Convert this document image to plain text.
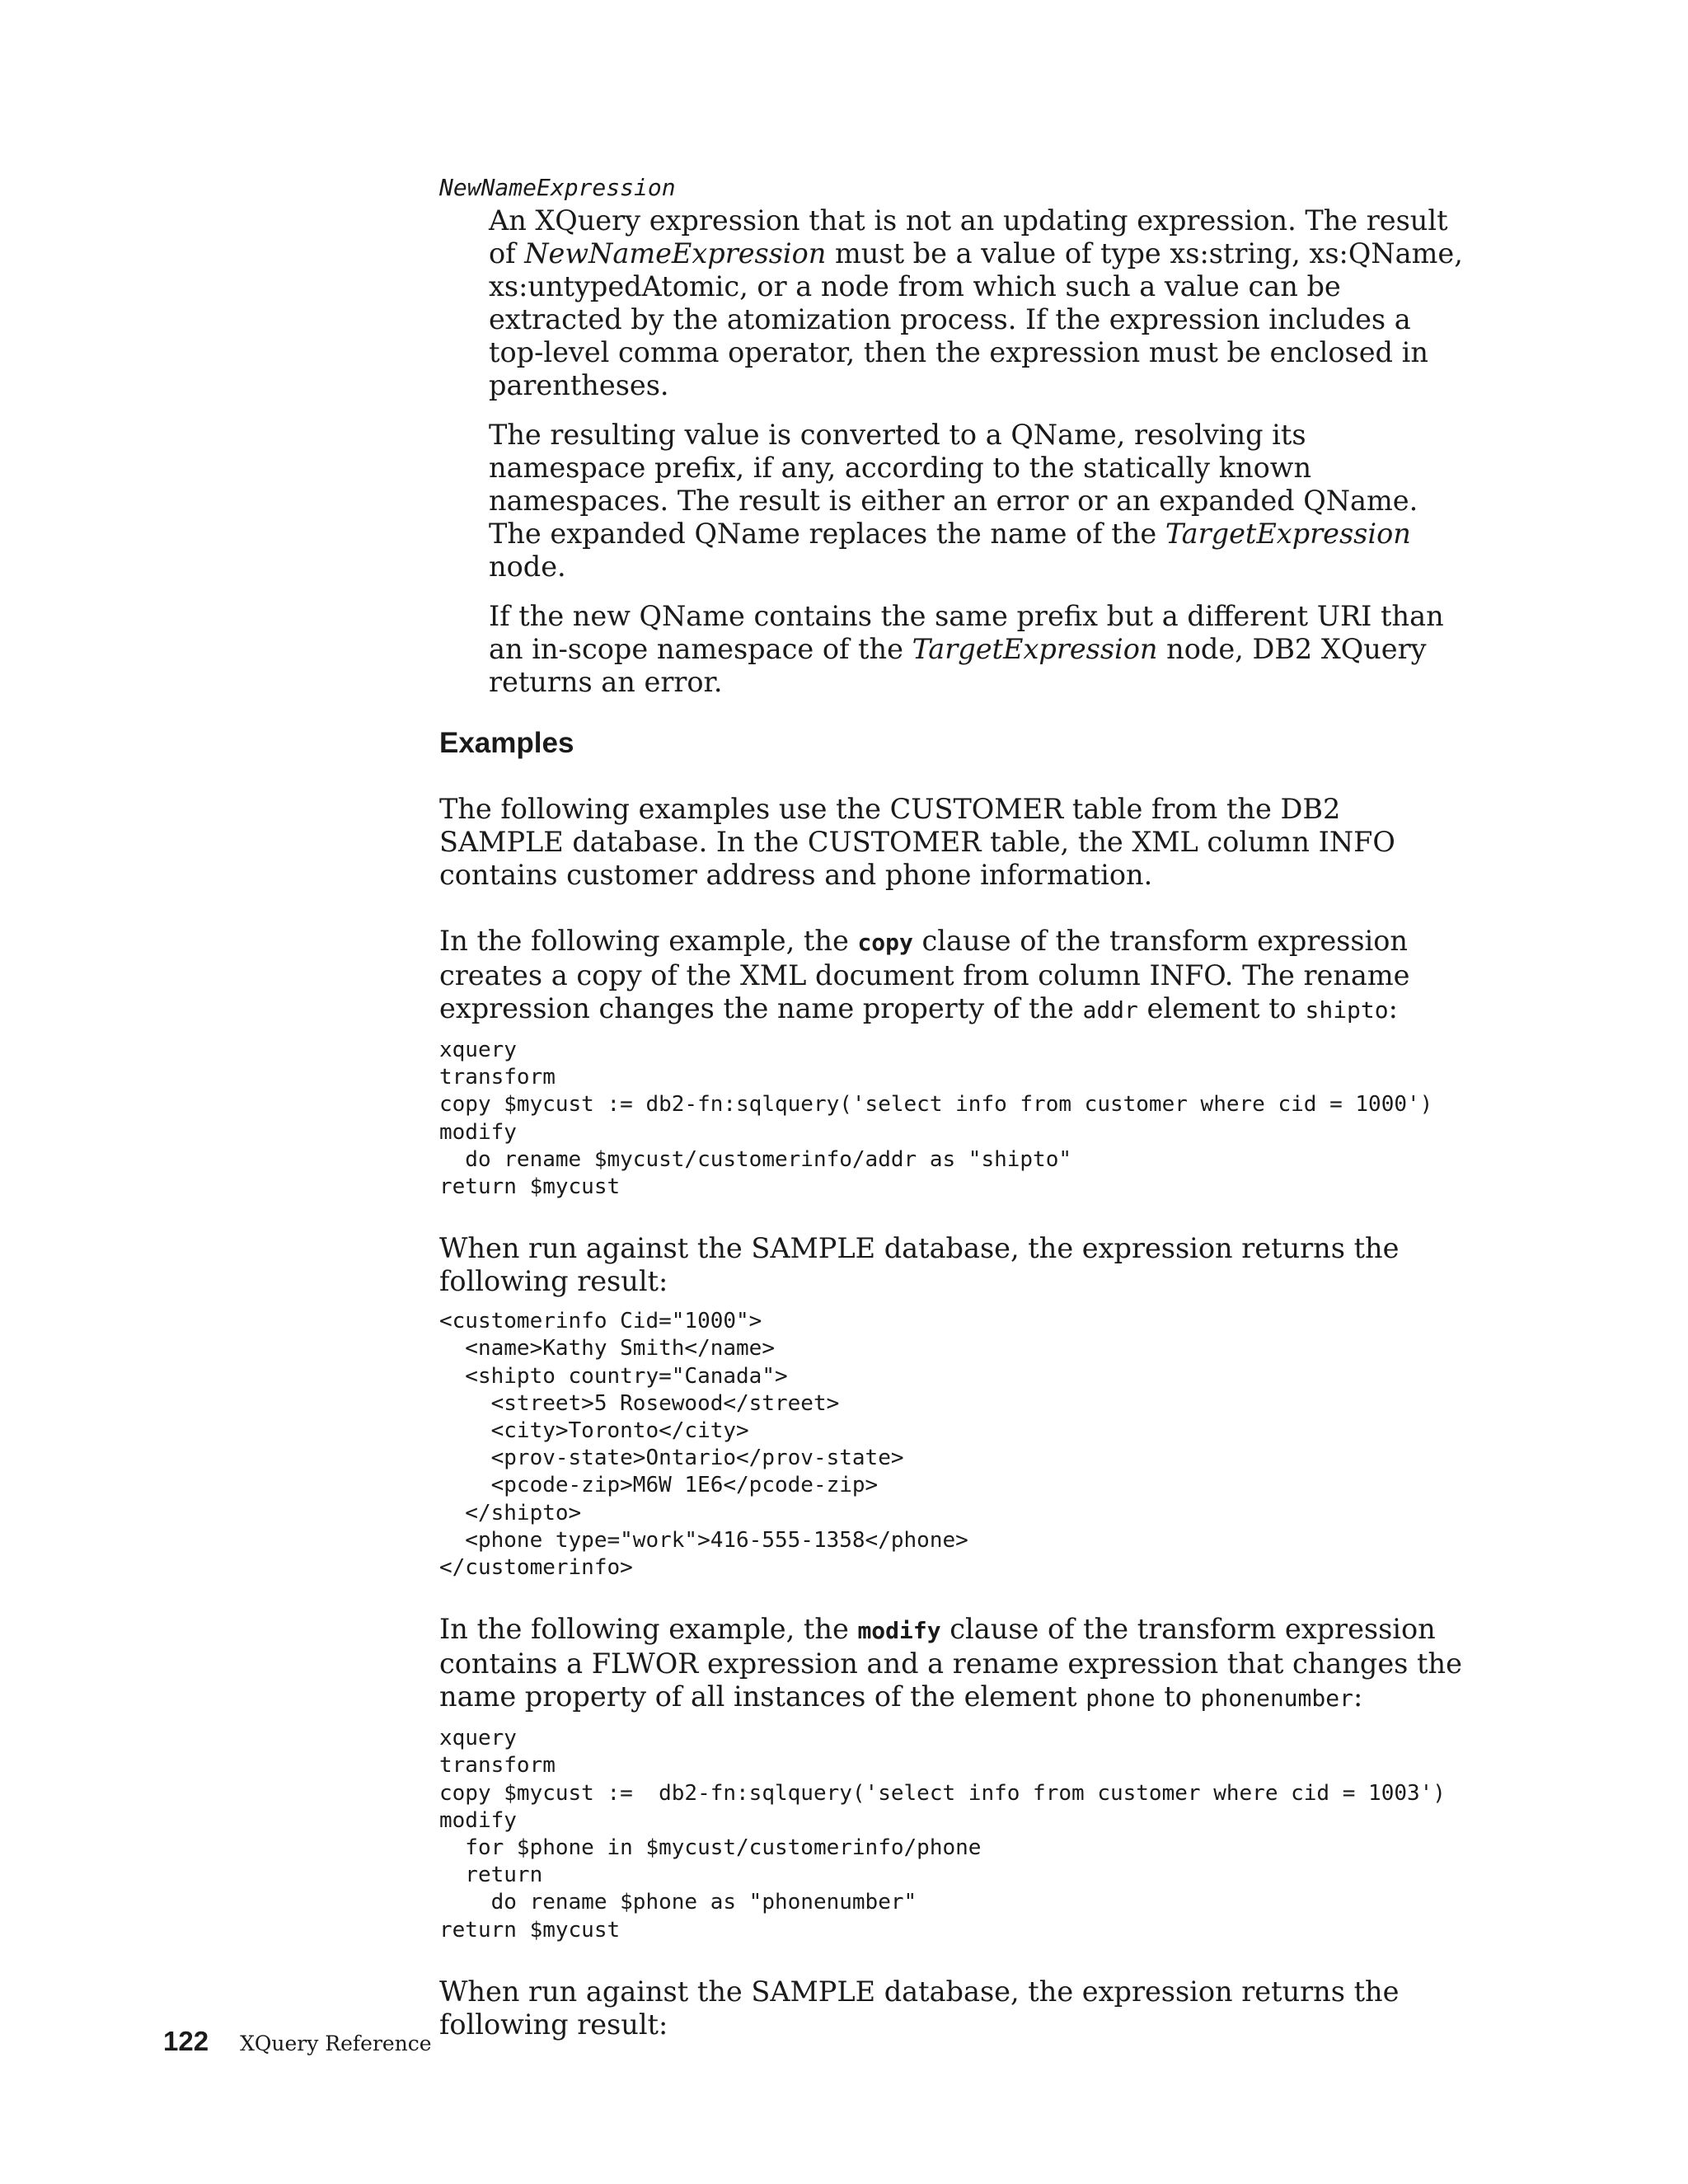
NewNameExpression

An XQuery expression that is not an updating expression. The result of NewNameExpression must be a value of type xs:string, xs:QName, xs:untypedAtomic, or a node from which such a value can be extracted by the atomization process. If the expression includes a top-level comma operator, then the expression must be enclosed in parentheses.

The resulting value is converted to a QName, resolving its namespace prefix, if any, according to the statically known namespaces. The result is either an error or an expanded QName. The expanded QName replaces the name of the TargetExpression node.

If the new QName contains the same prefix but a different URI than an in-scope namespace of the TargetExpression node, DB2 XQuery returns an error.

Examples

The following examples use the CUSTOMER table from the DB2 SAMPLE database. In the CUSTOMER table, the XML column INFO contains customer address and phone information.

In the following example, the copy clause of the transform expression creates a copy of the XML document from column INFO. The rename expression changes the name property of the addr element to shipto:

xquery
transform
copy $mycust := db2-fn:sqlquery('select info from customer where cid = 1000')
modify
do rename $mycust/customerinfo/addr as "shipto"
return $mycust

When run against the SAMPLE database, the expression returns the following result:

<customerinfo Cid="1000">
<name>Kathy Smith</name>
<shipto country="Canada">
<street>5 Rosewood</street>
<city>Toronto</city>
<prov-state>Ontario</prov-state>
<pcode-zip>M6W 1E6</pcode-zip>
</shipto>
<phone type="work">416-555-1358</phone>
</customerinfo>

In the following example, the modify clause of the transform expression contains a FLWOR expression and a rename expression that changes the name property of all instances of the element phone to phonenumber:

xquery
transform
copy $mycust :=  db2-fn:sqlquery('select info from customer where cid = 1003')
modify
for $phone in $mycust/customerinfo/phone
return
do rename $phone as "phonenumber"
return $mycust

When run against the SAMPLE database, the expression returns the following result:

122 XQuery Reference
